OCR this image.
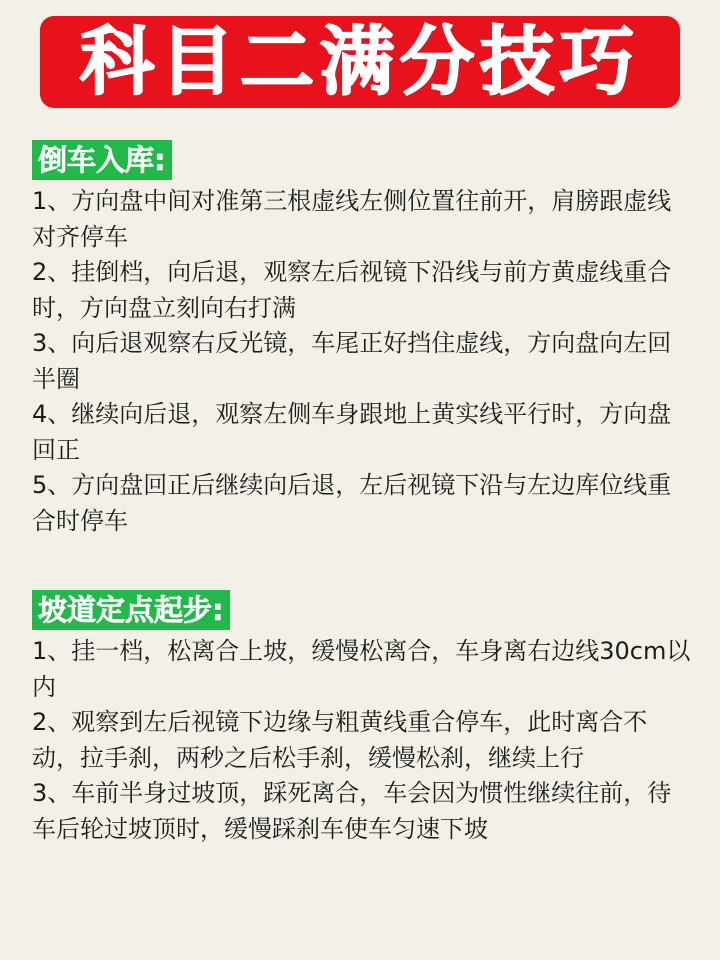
科目二满分技巧
倒车入库:

1、方向盘中间对准第三根虚线左侧位置往前开，肩膀跟虚线对齐停车

2、挂倒档，向后退，观察左后视镜下沿线与前方黄虚线重合时，方向盘立刻向右打满

3、向后退观察右反光镜，车尾正好挡住虚线，方向盘向左回半圈

4、继续向后退，观察左侧车身跟地上黄实线平行时，方向盘回正

5、方向盘回正后继续向后退，左后视镜下沿与左边库位线重合时停车

坡道定点起步:

1、挂一档，松离合上坡，缓慢松离合，车身离右边线30cm以内

2、观察到左后视镜下边缘与粗黄线重合停车，此时离合不动，拉手刹，两秒之后松手刹，缓慢松刹，继续上行

3、车前半身过坡顶，踩死离合，车会因为惯性继续往前，待车后轮过坡顶时，缓慢踩刹车使车匀速下坡
